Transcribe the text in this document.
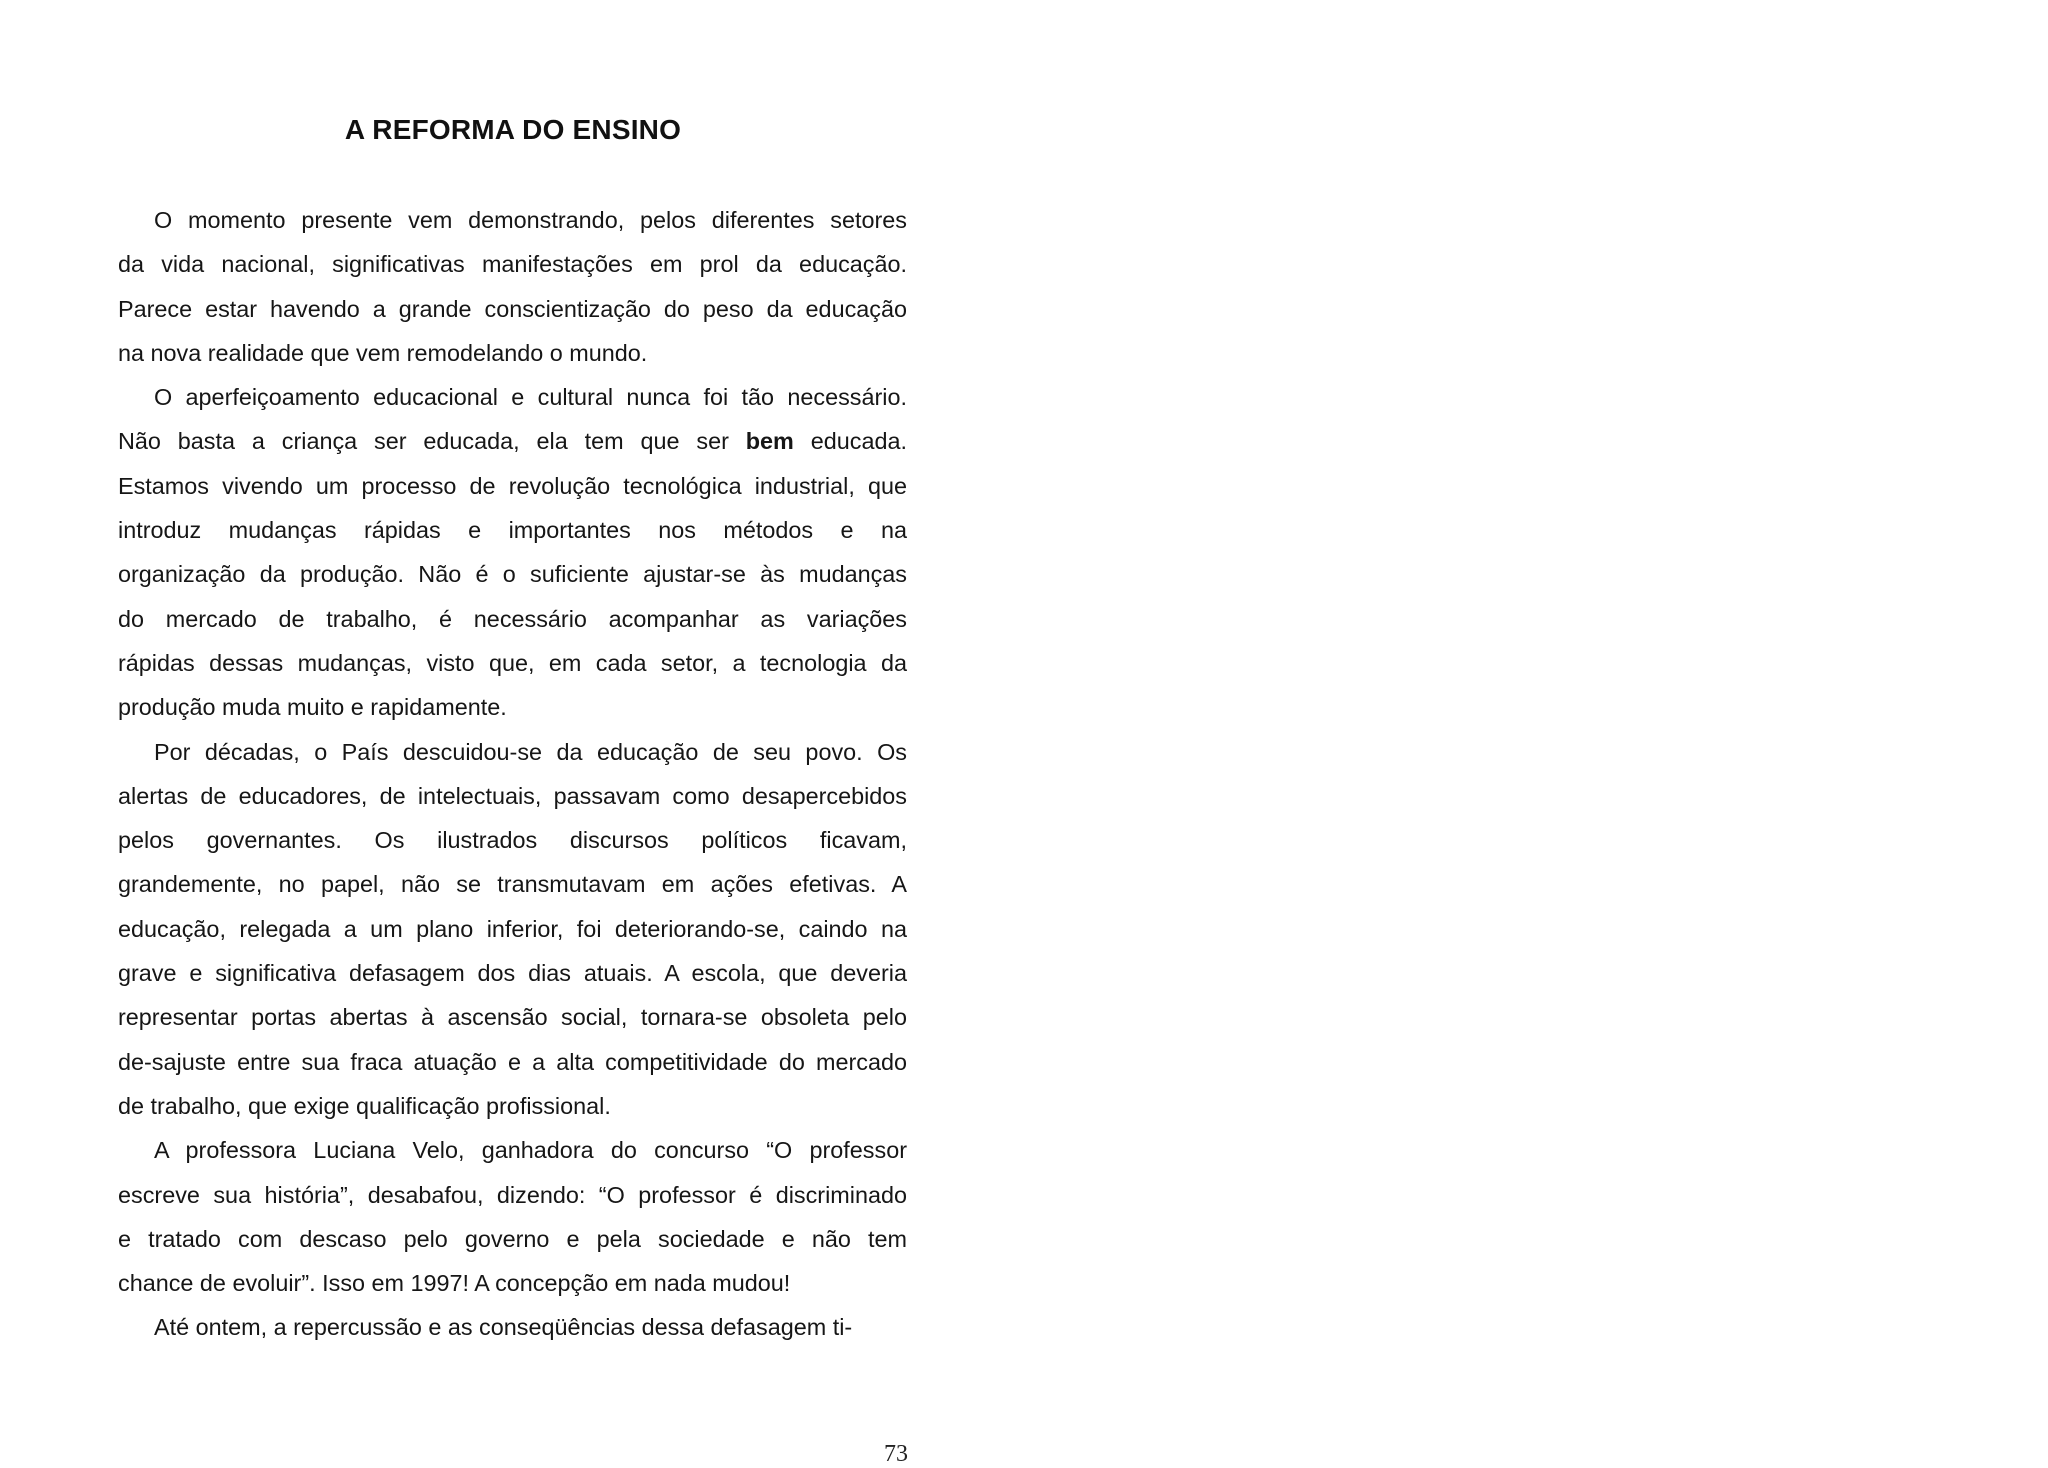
A REFORMA DO ENSINO
O momento presente vem demonstrando, pelos diferentes setores
da vida nacional, significativas manifestações em prol da educação.
Parece estar havendo a grande conscientização do peso da educação
na nova realidade que vem remodelando o mundo.
O aperfeiçoamento educacional e cultural nunca foi tão necessário.
Não basta a criança ser educada, ela tem que ser bem educada.
Estamos vivendo um processo de revolução tecnológica industrial, que
introduz mudanças rápidas e importantes nos métodos e na
organização da produção. Não é o suficiente ajustar-se às mudanças
do mercado de trabalho, é necessário acompanhar as variações
rápidas dessas mudanças, visto que, em cada setor, a tecnologia da
produção muda muito e rapidamente.
Por décadas, o País descuidou-se da educação de seu povo. Os
alertas de educadores, de intelectuais, passavam como desapercebidos
pelos governantes. Os ilustrados discursos políticos ficavam,
grandemente, no papel, não se transmutavam em ações efetivas. A
educação, relegada a um plano inferior, foi deteriorando-se, caindo na
grave e significativa defasagem dos dias atuais. A escola, que deveria
representar portas abertas à ascensão social, tornara-se obsoleta pelo
de-sajuste entre sua fraca atuação e a alta competitividade do mercado
de trabalho, que exige qualificação profissional.
A professora Luciana Velo, ganhadora do concurso “O professor
escreve sua história”, desabafou, dizendo: “O professor é discriminado
e tratado com descaso pelo governo e pela sociedade e não tem
chance de evoluir”. Isso em 1997! A concepção em nada mudou!
Até ontem, a repercussão e as conseqüências dessa defasagem ti-
73
